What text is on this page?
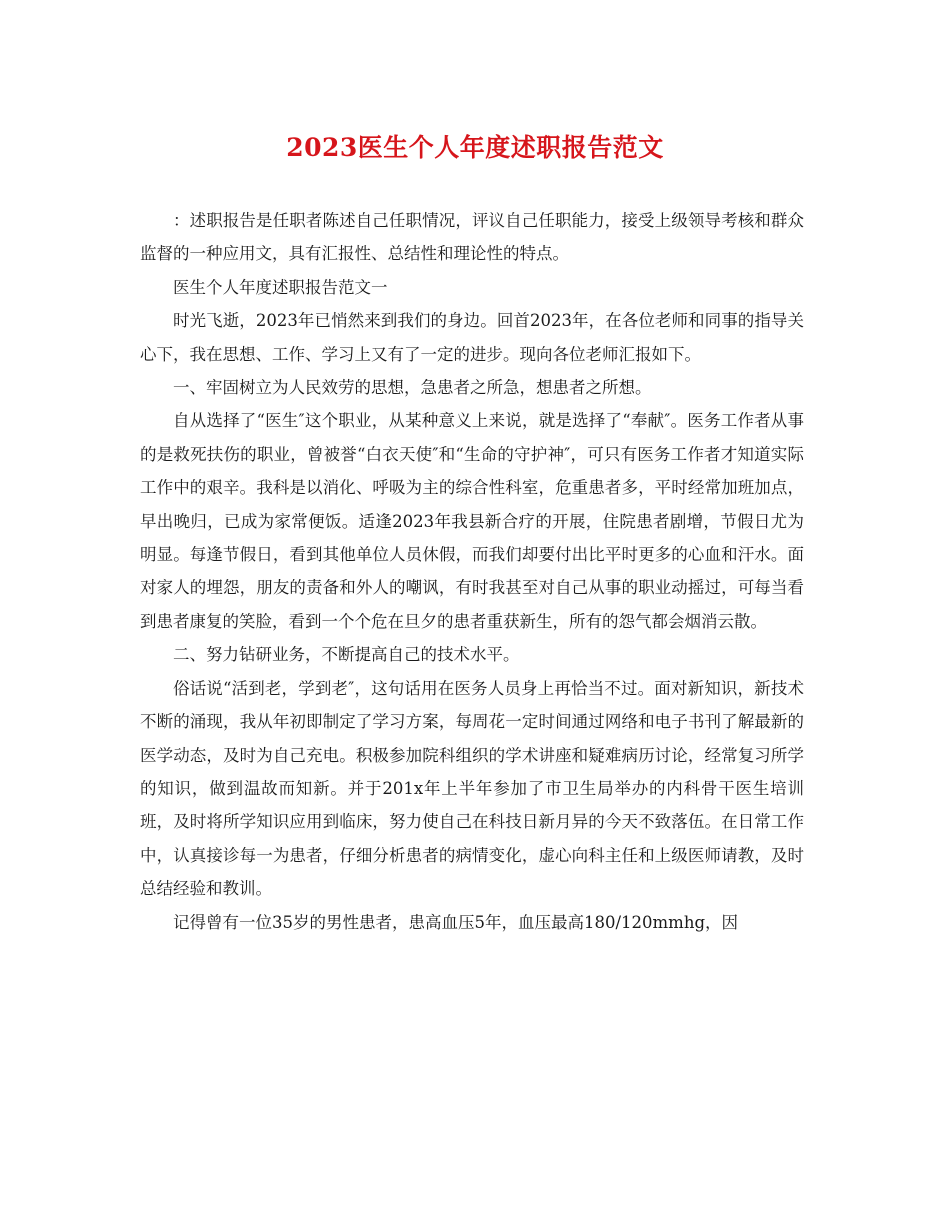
2023医生个人年度述职报告范文

：述职报告是任职者陈述自己任职情况，评议自己任职能力，接受上级领导考核和群众监督的一种应用文，具有汇报性、总结性和理论性的特点。

医生个人年度述职报告范文一

时光飞逝，2023年已悄然来到我们的身边。回首2023年，在各位老师和同事的指导关心下，我在思想、工作、学习上又有了一定的进步。现向各位老师汇报如下。

一、牢固树立为人民效劳的思想，急患者之所急，想患者之所想。

自从选择了“医生″这个职业，从某种意义上来说，就是选择了“奉献″。医务工作者从事的是救死扶伤的职业，曾被誉“白衣天使″和“生命的守护神″，可只有医务工作者才知道实际工作中的艰辛。我科是以消化、呼吸为主的综合性科室，危重患者多，平时经常加班加点，早出晚归，已成为家常便饭。适逢2023年我县新合疗的开展，住院患者剧增，节假日尤为明显。每逢节假日，看到其他单位人员休假，而我们却要付出比平时更多的心血和汗水。面对家人的埋怨，朋友的责备和外人的嘲讽，有时我甚至对自己从事的职业动摇过，可每当看到患者康复的笑脸，看到一个个危在旦夕的患者重获新生，所有的怨气都会烟消云散。

二、努力钻研业务，不断提高自己的技术水平。

俗话说“活到老，学到老″，这句话用在医务人员身上再恰当不过。面对新知识，新技术不断的涌现，我从年初即制定了学习方案，每周花一定时间通过网络和电子书刊了解最新的医学动态，及时为自己充电。积极参加院科组织的学术讲座和疑难病历讨论，经常复习所学的知识，做到温故而知新。并于201x年上半年参加了市卫生局举办的内科骨干医生培训班，及时将所学知识应用到临床，努力使自己在科技日新月异的今天不致落伍。在日常工作中，认真接诊每一为患者，仔细分析患者的病情变化，虚心向科主任和上级医师请教，及时总结经验和教训。

记得曾有一位35岁的男性患者，患高血压5年，血压最高180/120mmhg，因
